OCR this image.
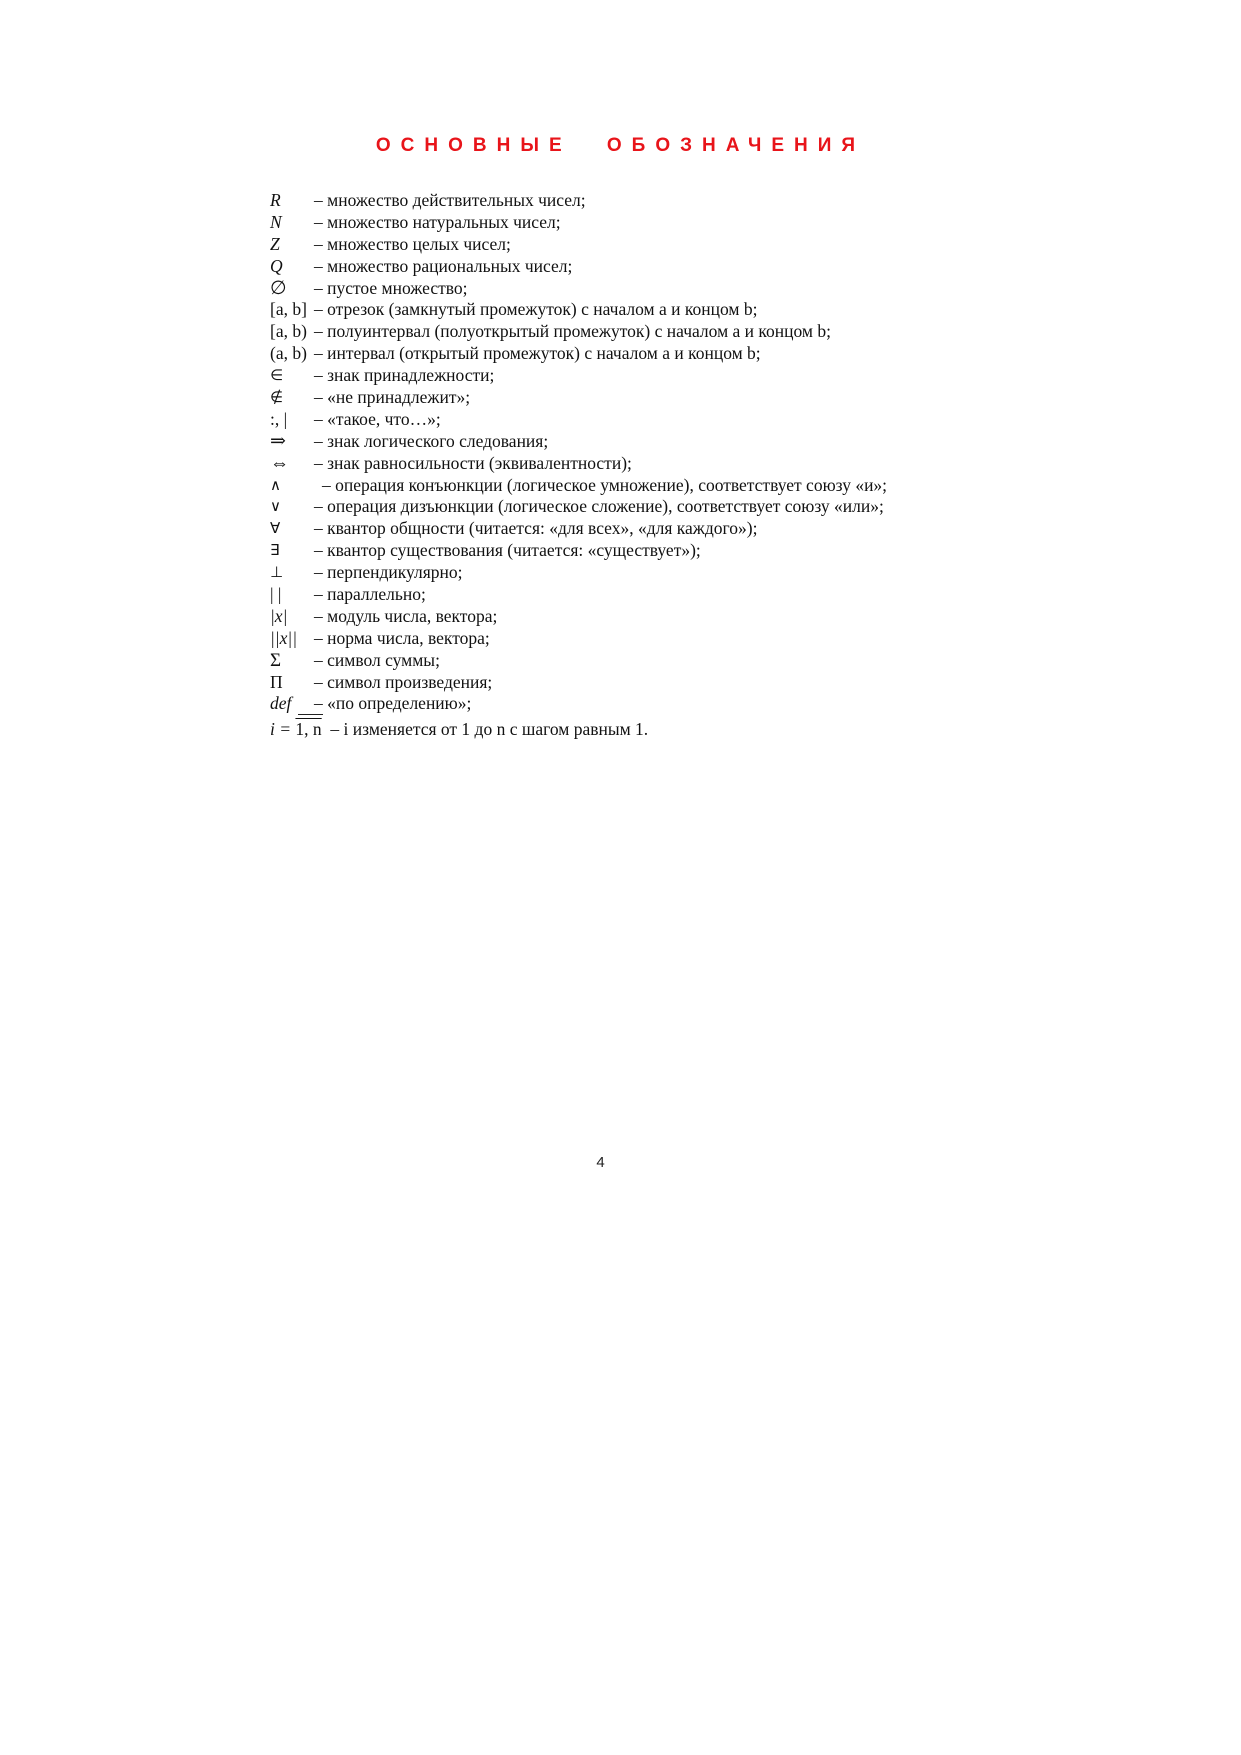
ОСНОВНЫЕ ОБОЗНАЧЕНИЯ
R – множество действительных чисел;
N – множество натуральных чисел;
Z – множество целых чисел;
Q – множество рациональных чисел;
∅ – пустое множество;
[a, b] – отрезок (замкнутый промежуток) с началом a и концом b;
[a, b) – полуинтервал (полуоткрытый промежуток) с началом a и концом b;
(a, b) – интервал (открытый промежуток) с началом a и концом b;
∈ – знак принадлежности;
∉ – «не принадлежит»;
:, | – «такое, что…»;
⇒ – знак логического следования;
⇔ – знак равносильности (эквивалентности);
∧ – операция конъюнкции (логическое умножение), соответствует союзу «и»;
∨ – операция дизъюнкции (логическое сложение), соответствует союзу «или»;
∀ – квантор общности (читается: «для всех», «для каждого»);
∃ – квантор существования (читается: «существует»);
⊥ – перпендикулярно;
| | – параллельно;
|x| – модуль числа, вектора;
||x|| – норма числа, вектора;
Σ – символ суммы;
Π – символ произведения;
def – «по определению»;
i = 1, n – i изменяется от 1 до n с шагом равным 1.
4
